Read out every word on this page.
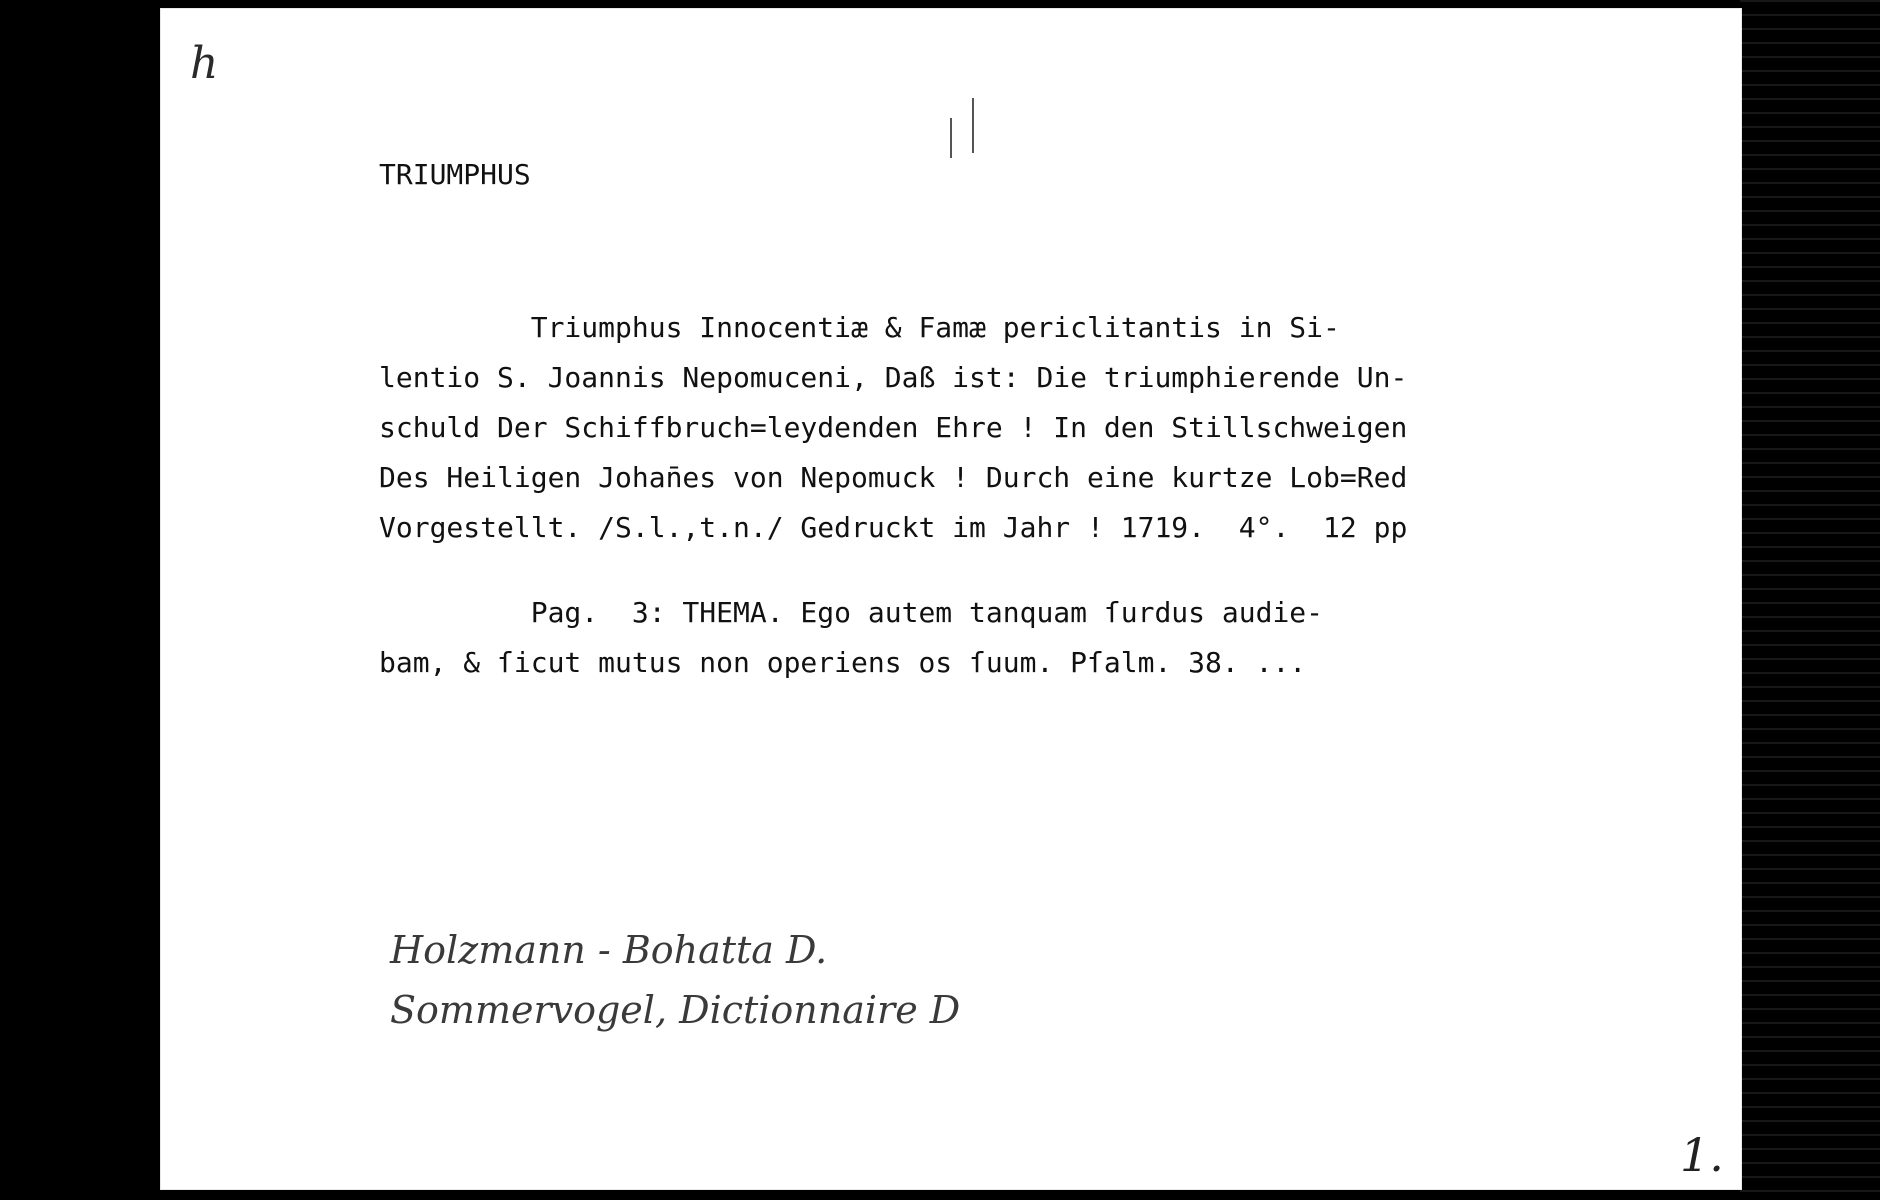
h
TRIUMPHUS
Triumphus Innocentiæ & Famæ periclitantis in Si-
lentio S. Joannis Nepomuceni, Daß ist: Die triumphierende Un-
schuld Der Schiffbruch=leydenden Ehre ! In den Stillschweigen
Des Heiligen Johan̄es von Nepomuck ! Durch eine kurtze Lob=Red
Vorgestellt. /S.l.,t.n./ Gedruckt im Jahr ! 1719.  4°.  12 pp
Pag.  3: THEMA. Ego autem tanquam ſurdus audie-
bam, & ſicut mutus non operiens os ſuum. Pſalm. 38. ...
Holzmann - Bohatta D.
Sommervogel, Dictionnaire D
1.
